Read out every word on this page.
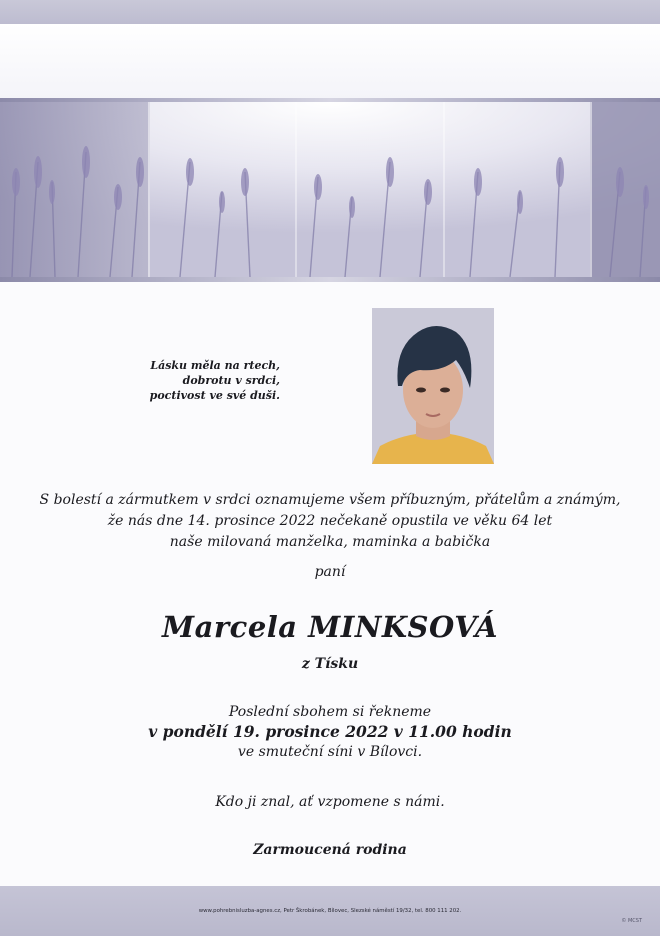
Lásku měla na rtech,
dobrotu v srdci,
poctivost ve své duši.
S bolestí a zármutkem v srdci oznamujeme všem příbuzným, přátelům a známým,
že nás dne 14. prosince 2022 nečekaně opustila ve věku 64 let
naše milovaná manželka, maminka a babička
paní
Marcela MINKSOVÁ
z Tísku
Poslední sbohem si řekneme
v pondělí 19. prosince 2022 v 11.00 hodin
ve smuteční síni v Bílovci.
Kdo ji znal, ať vzpomene s námi.
Zarmoucená rodina
www.pohrebnisluzba-agnes.cz, Petr Škrobánek, Bílovec, Slezské náměstí 19/32, tel. 800 111 202.
© MCST
